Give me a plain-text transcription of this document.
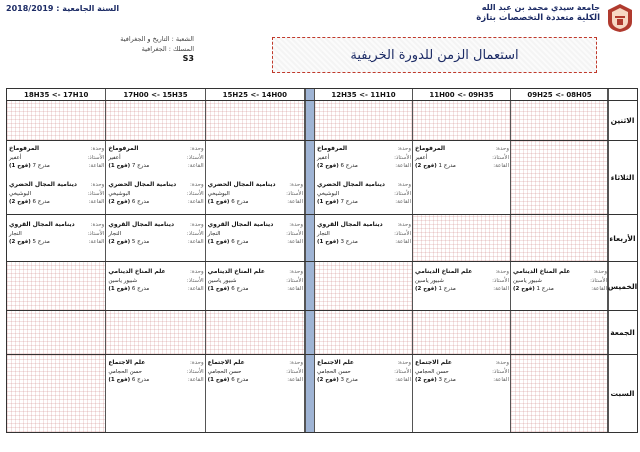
جامعة سيدي محمد بن عبد الله
الكلية متعددة التخصصات بتازة
السنة الجامعية : 2018/2019
استعمال الزمن للدورة الخريفية
الشعبة : التاريخ و الجغرافية
المسلك : الجغرافية
S3
09H25 <- 08H05
11H00 <- 09H35
12H35 <- 11H10
15H25 <- 14H00
17H00 <- 15H35
18H35 <- 17H10
الاثنين
الثلاثاء
وحدة:
المرفوماخ
الأستاذ:
أعفير
القاعة:
مدرج 1 (فوج 2)
وحدة:
المرفوماخ
الأستاذ:
أعفير
القاعة:
مدرج 6 (فوج 2)
وحدة:
المرفوماخ
الأستاذ:
أعفير
القاعة:
مدرج 7 (فوج 1)
وحدة:
المرفوماخ
الأستاذ:
أعفير
القاعة:
مدرج 7 (فوج 1)
وحدة:
دينامية المجال الحضري
الأستاذ:
البوشيخي
القاعة:
مدرج 7 (فوج 1)
وحدة:
دينامية المجال الحضري
الأستاذ:
البوشيخي
القاعة:
مدرج 6 (فوج 1)
وحدة:
دينامية المجال الحضري
الأستاذ:
البوشيخي
القاعة:
مدرج 6 (فوج 2)
وحدة:
دينامية المجال الحضري
الأستاذ:
البوشيخي
القاعة:
مدرج 6 (فوج 2)
الأربعاء
وحدة:
دينامية المجال القروي
الأستاذ:
النجار
القاعة:
مدرج 3 (فوج 1)
وحدة:
دينامية المجال القروي
الأستاذ:
النجار
القاعة:
مدرج 6 (فوج 1)
وحدة:
دينامية المجال القروي
الأستاذ:
النجار
القاعة:
مدرج 5 (فوج 2)
وحدة:
دينامية المجال القروي
الأستاذ:
النجار
القاعة:
مدرج 5 (فوج 2)
الخميس
وحدة:
علم المناخ الدينامي
الأستاذ:
شبيور ياسين
القاعة:
مدرج 1 (فوج 2)
وحدة:
علم المناخ الدينامي
الأستاذ:
شبيور ياسين
القاعة:
مدرج 1 (فوج 2)
وحدة:
علم المناخ الدينامي
الأستاذ:
شبيور ياسين
القاعة:
مدرج 6 (فوج 1)
وحدة:
علم المناخ الدينامي
الأستاذ:
شبيور ياسين
القاعة:
مدرج 6 (فوج 1)
الجمعة
السبت
وحدة:
علم الاجتماع
الأستاذ:
حسن الحجامي
القاعة:
مدرج 3 (فوج 2)
وحدة:
علم الاجتماع
الأستاذ:
حسن الحجامي
القاعة:
مدرج 3 (فوج 2)
وحدة:
علم الاجتماع
الأستاذ:
حسن الحجامي
القاعة:
مدرج 6 (فوج 1)
وحدة:
علم الاجتماع
الأستاذ:
حسن الحجامي
القاعة:
مدرج 6 (فوج 1)
